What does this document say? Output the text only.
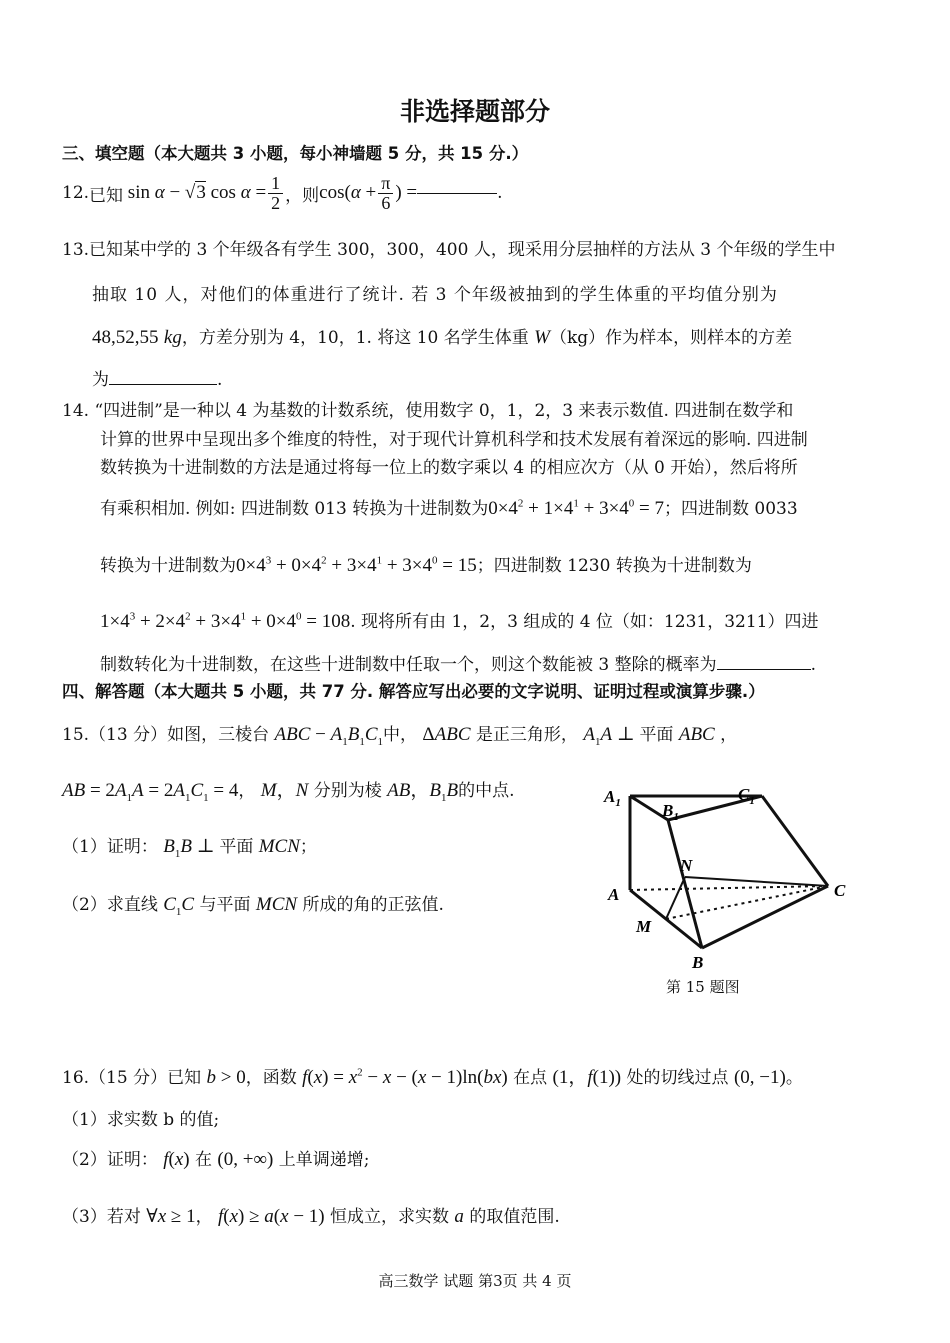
非选择题部分
三、填空题（本大题共 3 小题，每小神墙题 5 分，共 15 分.）
12. 已知 sin α − √3 $\cos \alpha = \frac{1}{2}$ ，则 $\cos(\alpha + \frac{\pi}{6}$ ) =	.
13.已知某中学的 3 个年级各有学生 300，300，400 人，现采用分层抽样的方法从 3 个年级的学生中
抽取 10 人，对他们的体重进行了统计. 若 3 个年级被抽到的学生体重的平均值分别为
48,52,55 kg，方差分别为 4，10，1. 将这 10 名学生体重 W（kg）作为样本，则样本的方差
为	.
14. “四进制”是一种以 4 为基数的计数系统，使用数字 0，1，2，3 来表示数值. 四进制在数学和
计算的世界中呈现出多个维度的特性，对于现代计算机科学和技术发展有着深远的影响. 四进制
数转换为十进制数的方法是通过将每一位上的数字乘以 4 的相应次方（从 0 开始），然后将所
有乘积相加. 例如: 四进制数 013 转换为十进制数为$0\times 4^2 + 1\times 4^1 + 3\times 4^0 = 7$；四进制数 0033
转换为十进制数为$0\times 4^3 + 0\times 4^2 + 3\times 4^1 + 3\times 4^0 = 15$；四进制数 1230 转换为十进制数为
$1\times 4^3 + 2\times 4^2 + 3\times 4^1 + 0\times 4^0 = 108$. 现将所有由 1，2，3 组成的 4 位（如：1231，3211）四进
制数转化为十进制数，在这些十进制数中任取一个，则这个数能被 3 整除的概率为	.
四、解答题（本大题共 5 小题，共 77 分. 解答应写出必要的文字说明、证明过程或演算步骤.）
15.（13 分）如图，三棱台 ABC − $A_1B_1C_1$中， ΔABC 是正三角形， $A_1A$ ⊥ 平面 ABC ，
AB = $2A_1A = 2A_1C_1 = 4$， M，N 分别为棱 AB，$B_1B$的中点.
（1）证明： $B_1B$ ⊥ 平面 MCN；
（2）求直线 $C_1C$ 与平面 MCN 所成的角的正弦值.
$A_1$ $B_1$
$C_1$
A
B
C
M
N
第 15 题图
16.（15 分）已知 b > 0，函数 $f(x) = x^2 - x - (x - 1)\ln(bx)$ 在点 (1，f(1)) 处的切线过点 (0, −1)。
（1）求实数 b 的值;
（2）证明： f(x) 在 (0, +∞) 上单调递增;
（3）若对 ∀x ≥ 1， f(x) ≥ a(x − 1) 恒成立，求实数 a 的取值范围.
高三数学 试题 第3页 共 4 页
